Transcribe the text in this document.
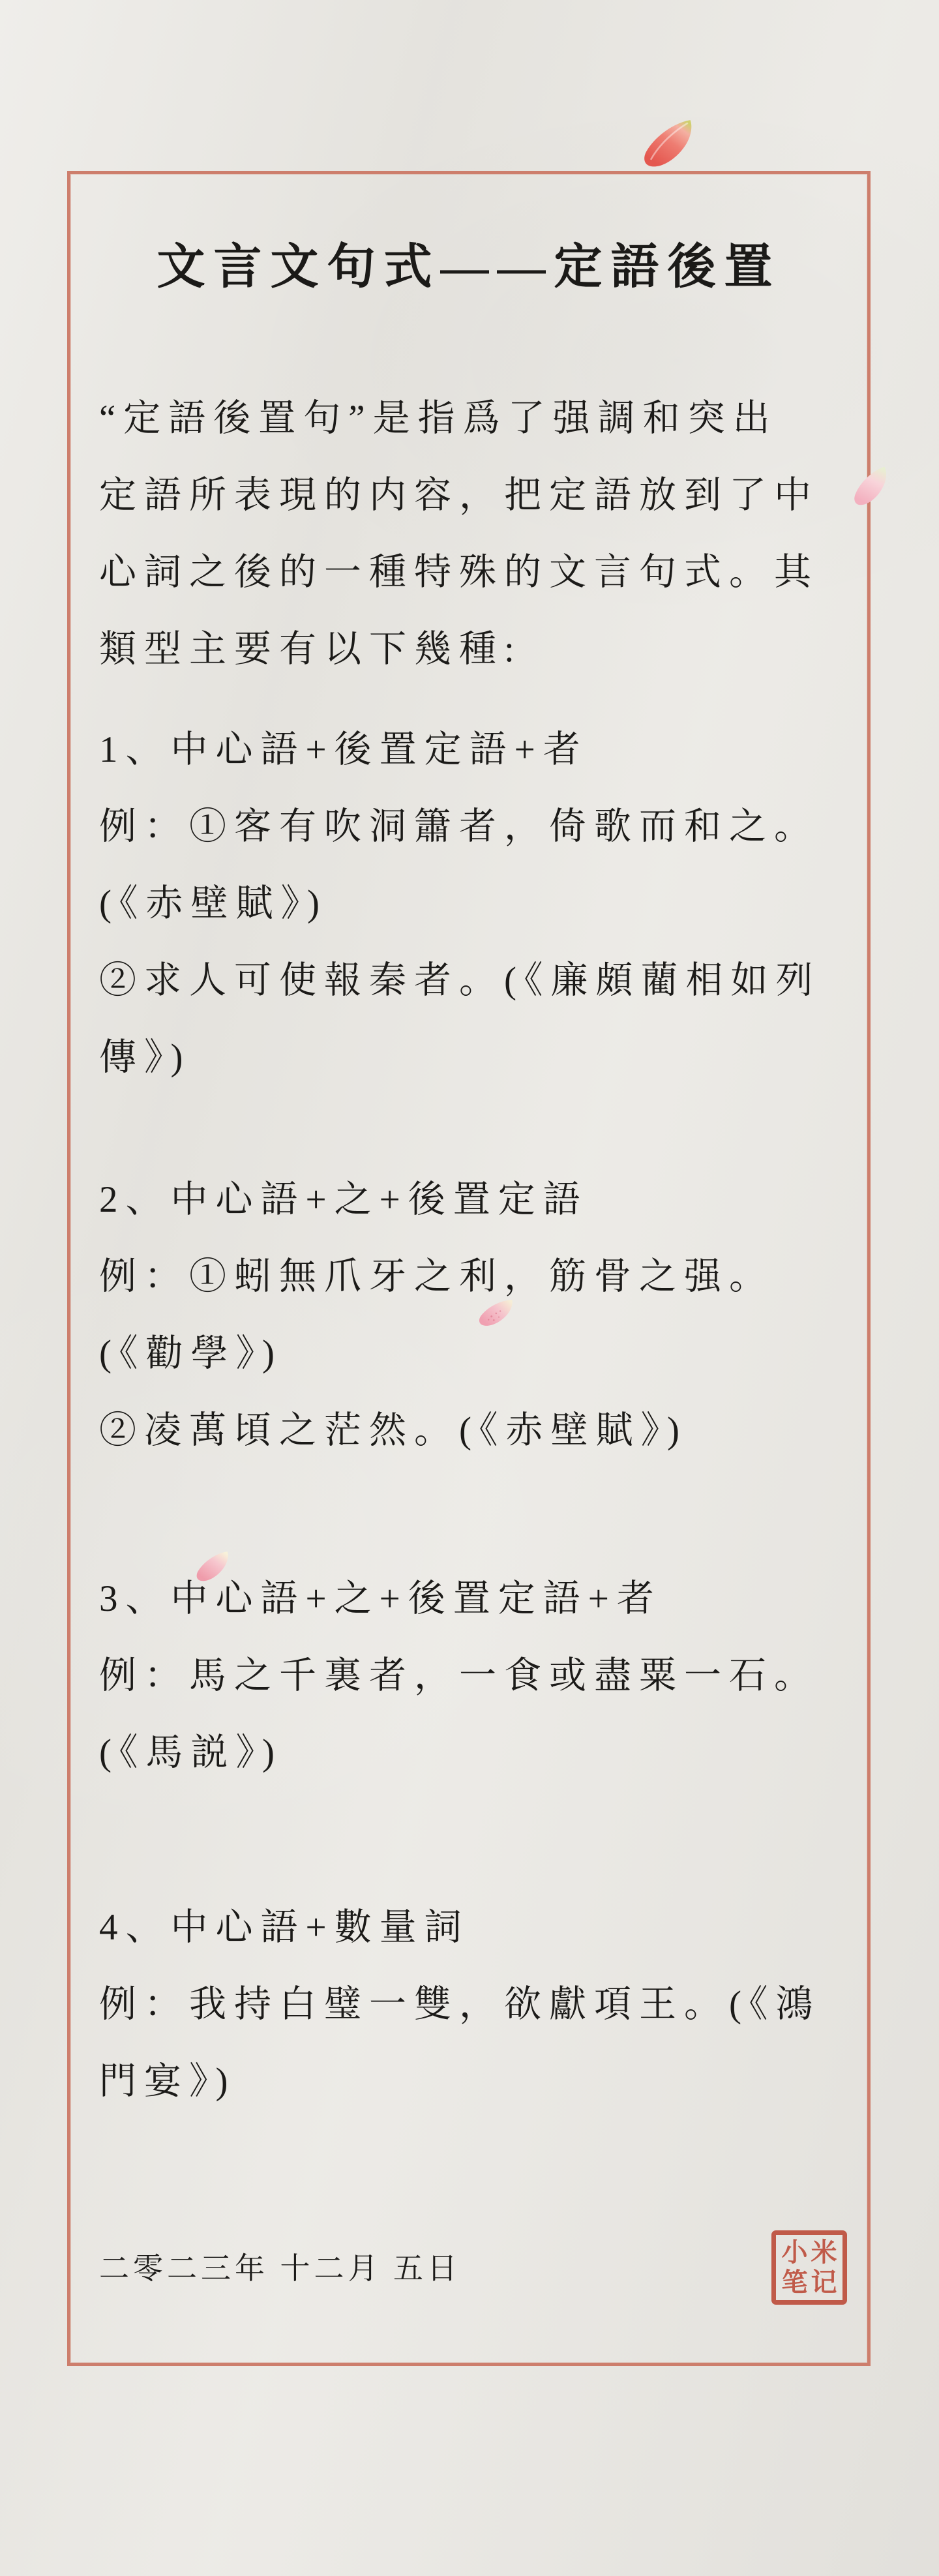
文言文句式——定語後置
“定語後置句”是指爲了强調和突出
定語所表現的内容，把定語放到了中
心詞之後的一種特殊的文言句式。其
類型主要有以下幾種:
1、中心語+後置定語+者
例：①客有吹洞簫者，倚歌而和之。
(《赤壁賦》)
②求人可使報秦者。(《廉頗藺相如列
傳》)
2、中心語+之+後置定語
例：①蚓無爪牙之利，筋骨之强。
(《勸學》)
②凌萬頃之茫然。(《赤壁賦》)
3、中心語+之+後置定語+者
例：馬之千裏者，一食或盡粟一石。
(《馬説》)
4、中心語+數量詞
例：我持白璧一雙，欲獻項王。(《鴻
門宴》)
二零二三年 十二月 五日	小 米
笔 记
